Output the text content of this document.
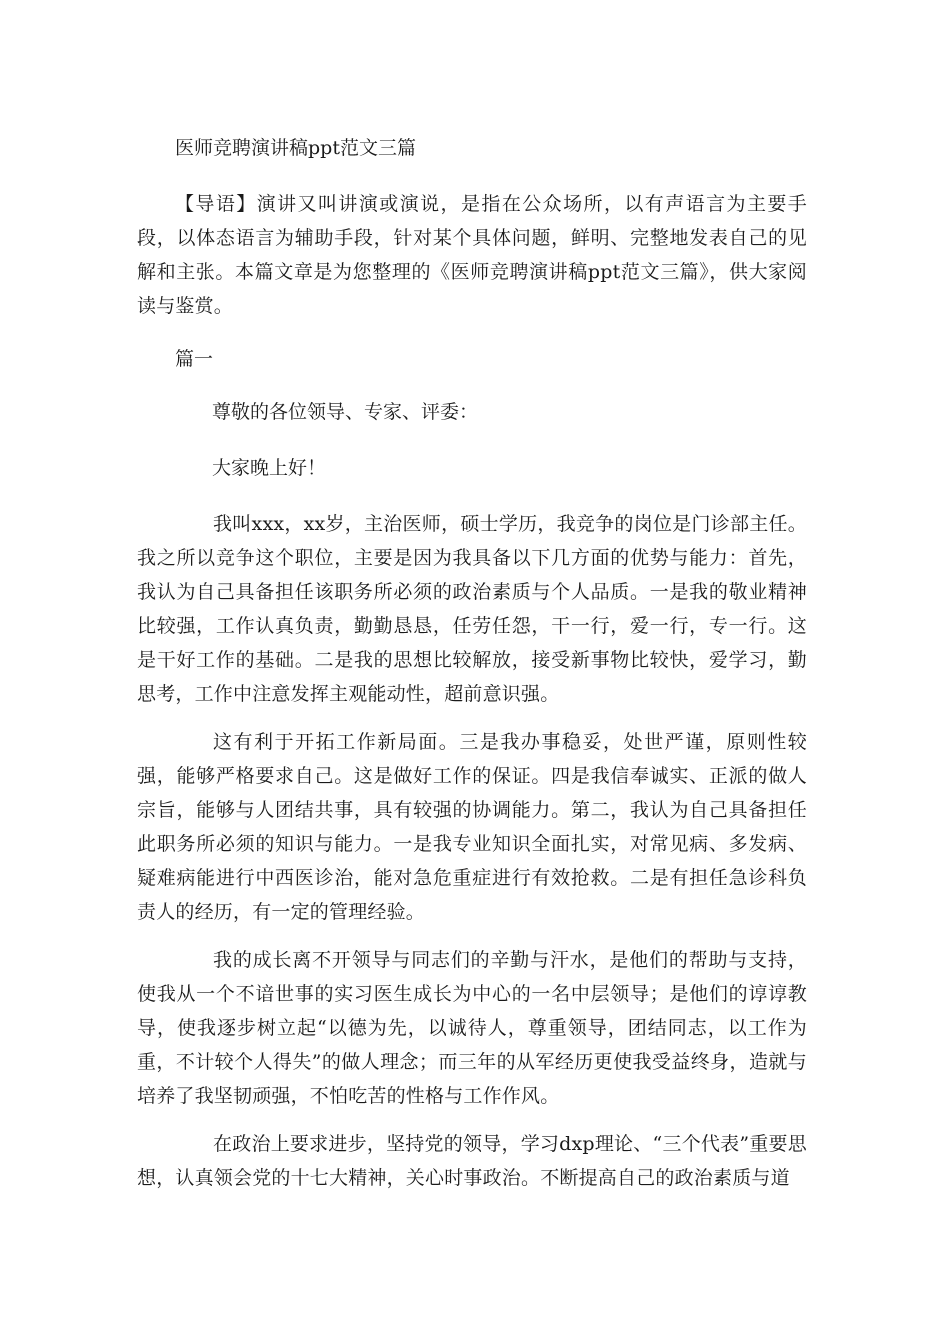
医师竞聘演讲稿ppt范文三篇
【导语】演讲又叫讲演或演说，是指在公众场所，以有声语言为主要手段，以体态语言为辅助手段，针对某个具体问题，鲜明、完整地发表自己的见解和主张。本篇文章是为您整理的《医师竞聘演讲稿ppt范文三篇》，供大家阅读与鉴赏。
篇一
尊敬的各位领导、专家、评委：
大家晚上好！
我叫xxx，xx岁，主治医师，硕士学历，我竞争的岗位是门诊部主任。我之所以竞争这个职位，主要是因为我具备以下几方面的优势与能力：首先，我认为自己具备担任该职务所必须的政治素质与个人品质。一是我的敬业精神比较强，工作认真负责，勤勤恳恳，任劳任怨，干一行，爱一行，专一行。这是干好工作的基础。二是我的思想比较解放，接受新事物比较快，爱学习，勤思考，工作中注意发挥主观能动性，超前意识强。
这有利于开拓工作新局面。三是我办事稳妥，处世严谨，原则性较强，能够严格要求自己。这是做好工作的保证。四是我信奉诚实、正派的做人宗旨，能够与人团结共事，具有较强的协调能力。第二，我认为自己具备担任此职务所必须的知识与能力。一是我专业知识全面扎实，对常见病、多发病、疑难病能进行中西医诊治，能对急危重症进行有效抢救。二是有担任急诊科负责人的经历，有一定的管理经验。
我的成长离不开领导与同志们的辛勤与汗水，是他们的帮助与支持，使我从一个不谙世事的实习医生成长为中心的一名中层领导；是他们的谆谆教导，使我逐步树立起“以德为先，以诚待人，尊重领导，团结同志，以工作为重，不计较个人得失”的做人理念；而三年的从军经历更使我受益终身，造就与培养了我坚韧顽强，不怕吃苦的性格与工作作风。
在政治上要求进步，坚持党的领导，学习dxp理论、“三个代表”重要思想，认真领会党的十七大精神，关心时事政治。不断提高自己的政治素质与道
